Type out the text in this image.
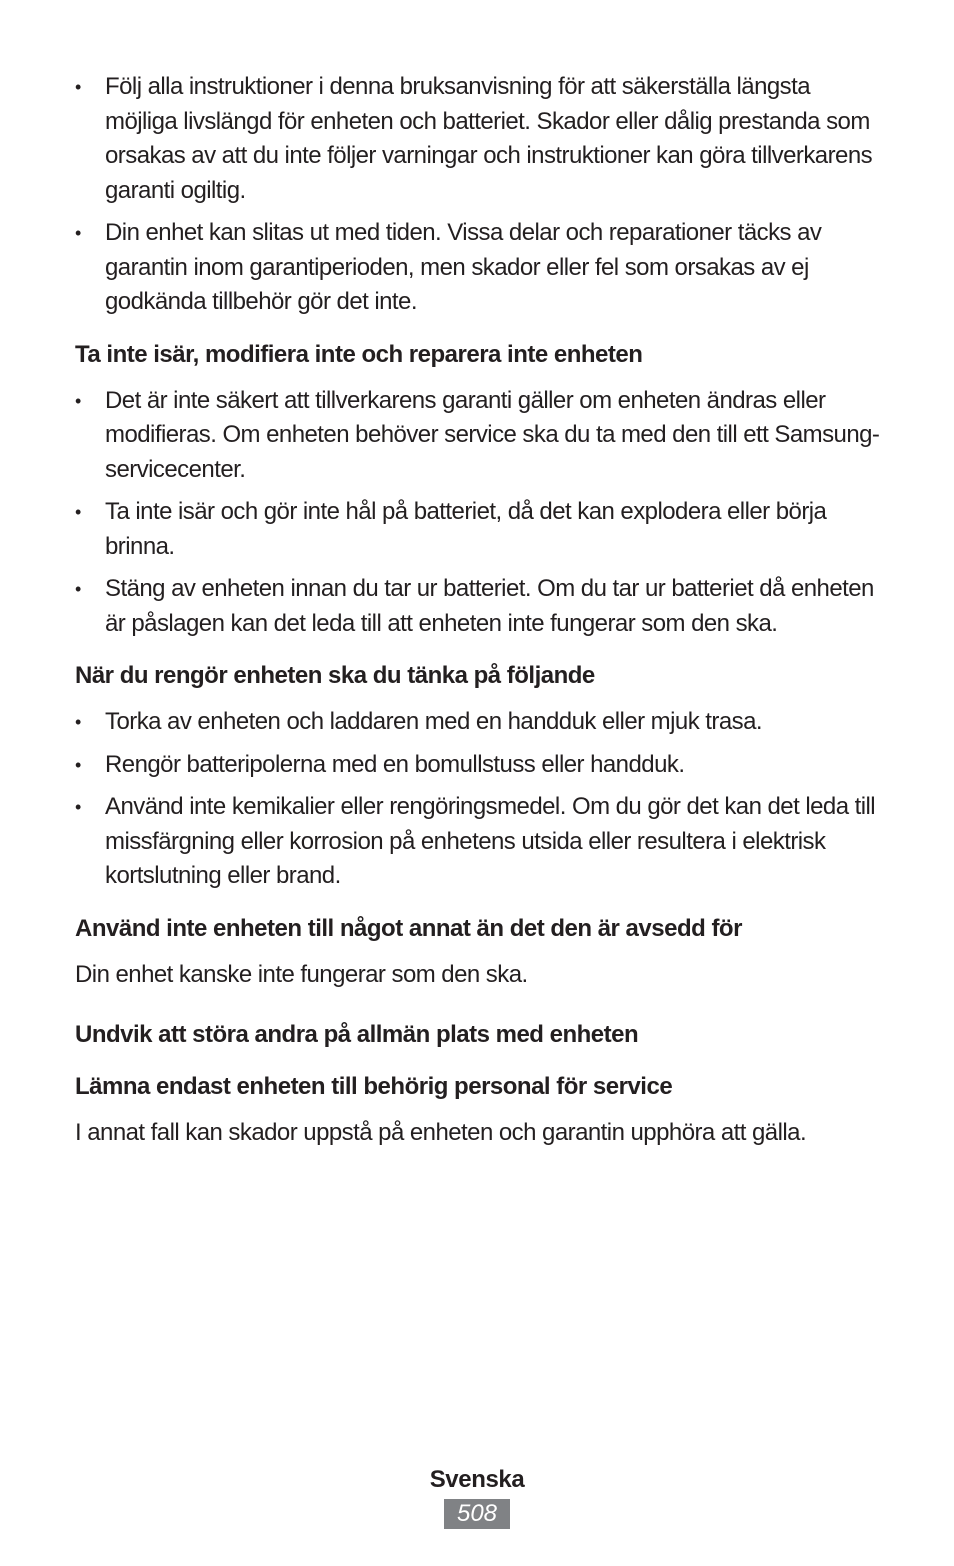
• Följ alla instruktioner i denna bruksanvisning för att säkerställa längsta möjliga livslängd för enheten och batteriet. Skador eller dålig prestanda som orsakas av att du inte följer varningar och instruktioner kan göra tillverkarens garanti ogiltig.
• Din enhet kan slitas ut med tiden. Vissa delar och reparationer täcks av garantin inom garantiperioden, men skador eller fel som orsakas av ej godkända tillbehör gör det inte.
Ta inte isär, modifiera inte och reparera inte enheten
• Det är inte säkert att tillverkarens garanti gäller om enheten ändras eller modifieras. Om enheten behöver service ska du ta med den till ett Samsung-servicecenter.
• Ta inte isär och gör inte hål på batteriet, då det kan explodera eller börja brinna.
• Stäng av enheten innan du tar ur batteriet. Om du tar ur batteriet då enheten är påslagen kan det leda till att enheten inte fungerar som den ska.
När du rengör enheten ska du tänka på följande
• Torka av enheten och laddaren med en handduk eller mjuk trasa.
• Rengör batteripolerna med en bomullstuss eller handduk.
• Använd inte kemikalier eller rengöringsmedel. Om du gör det kan det leda till missfärgning eller korrosion på enhetens utsida eller resultera i elektrisk kortslutning eller brand.
Använd inte enheten till något annat än det den är avsedd för

Din enhet kanske inte fungerar som den ska.

Undvik att störa andra på allmän plats med enheten
Lämna endast enheten till behörig personal för service

I annat fall kan skador uppstå på enheten och garantin upphöra att gälla.

Svenska
508
